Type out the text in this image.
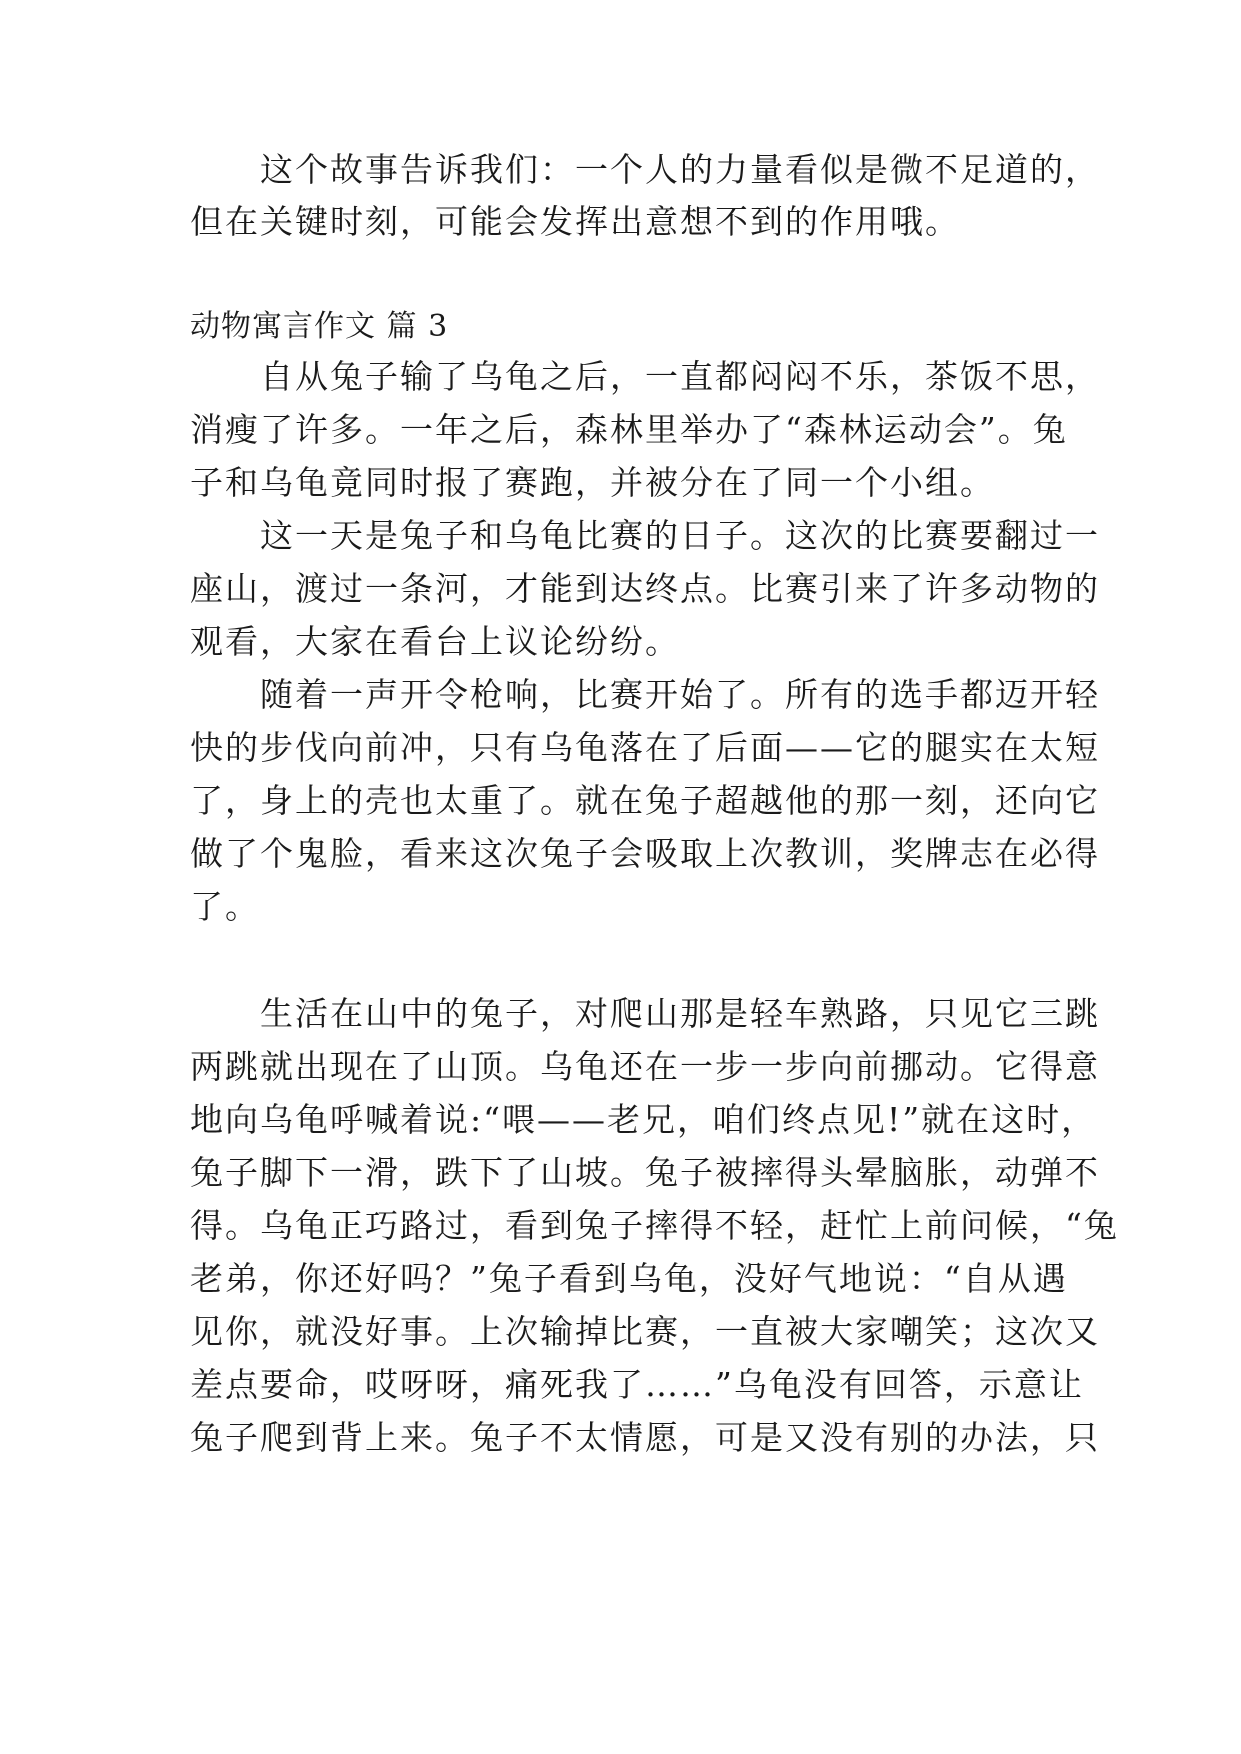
　　这个故事告诉我们：一个人的力量看似是微不足道的，
但在关键时刻，可能会发挥出意想不到的作用哦。
动物寓言作文 篇 3
　　自从兔子输了乌龟之后，一直都闷闷不乐，茶饭不思，
消瘦了许多。一年之后，森林里举办了“森林运动会”。兔
子和乌龟竟同时报了赛跑，并被分在了同一个小组。
　　这一天是兔子和乌龟比赛的日子。这次的比赛要翻过一
座山，渡过一条河，才能到达终点。比赛引来了许多动物的
观看，大家在看台上议论纷纷。
　　随着一声开令枪响，比赛开始了。所有的选手都迈开轻
快的步伐向前冲，只有乌龟落在了后面——它的腿实在太短
了，身上的壳也太重了。就在兔子超越他的那一刻，还向它
做了个鬼脸，看来这次兔子会吸取上次教训，奖牌志在必得
了。
　　生活在山中的兔子，对爬山那是轻车熟路，只见它三跳
两跳就出现在了山顶。乌龟还在一步一步向前挪动。它得意
地向乌龟呼喊着说:“喂——老兄，咱们终点见!”就在这时，
兔子脚下一滑，跌下了山坡。兔子被摔得头晕脑胀，动弹不
得。乌龟正巧路过，看到兔子摔得不轻，赶忙上前问候，“兔
老弟，你还好吗？”兔子看到乌龟，没好气地说：“自从遇
见你，就没好事。上次输掉比赛，一直被大家嘲笑；这次又
差点要命，哎呀呀，痛死我了……”乌龟没有回答，示意让
兔子爬到背上来。兔子不太情愿，可是又没有别的办法，只
